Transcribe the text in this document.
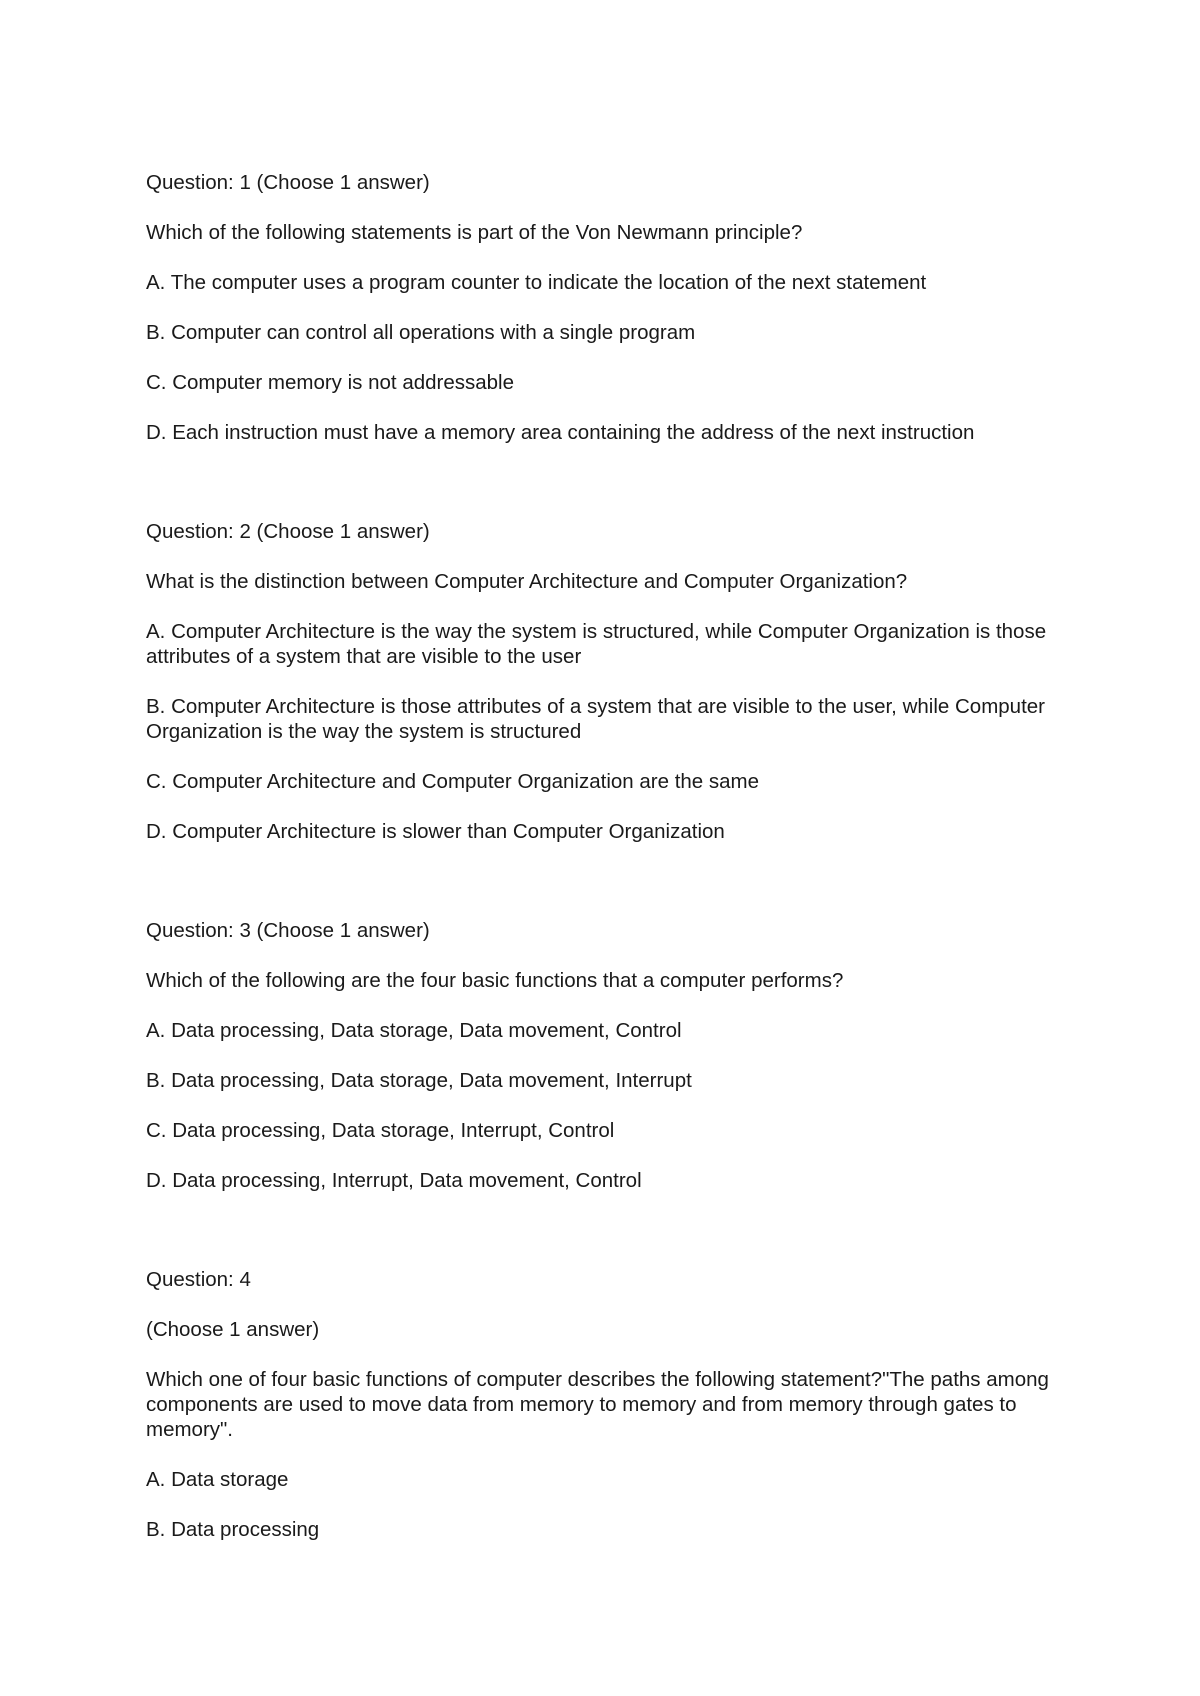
Question: 1 (Choose 1 answer)

Which of the following statements is part of the Von Newmann principle?

A. The computer uses a program counter to indicate the location of the next statement

B. Computer can control all operations with a single program

C. Computer memory is not addressable

D. Each instruction must have a memory area containing the address of the next instruction

Question: 2 (Choose 1 answer)

What is the distinction between Computer Architecture and Computer Organization?

A. Computer Architecture is the way the system is structured, while Computer Organization is those attributes of a system that are visible to the user

B. Computer Architecture is those attributes of a system that are visible to the user, while Computer Organization is the way the system is structured

C. Computer Architecture and Computer Organization are the same

D. Computer Architecture is slower than Computer Organization

Question: 3 (Choose 1 answer)

Which of the following are the four basic functions that a computer performs?

A. Data processing, Data storage, Data movement, Control

B. Data processing, Data storage, Data movement, Interrupt

C. Data processing, Data storage, Interrupt, Control

D. Data processing, Interrupt, Data movement, Control

Question: 4

(Choose 1 answer)

Which one of four basic functions of computer describes the following statement?"The paths among components are used to move data from memory to memory and from memory through gates to memory".

A. Data storage

B. Data processing
